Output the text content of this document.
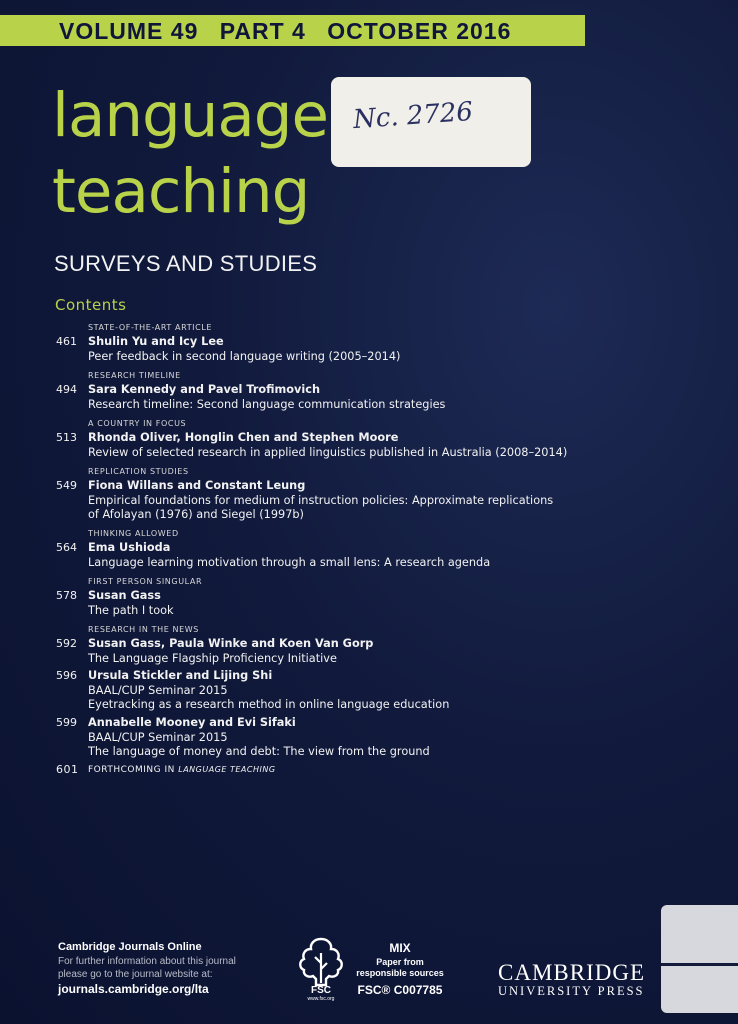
VOLUME 49 PART 4 OCTOBER 2016
language
teaching
Nc. 2726
SURVEYS AND STUDIES
Contents
STATE-OF-THE-ART ARTICLE
461 Shulin Yu and Icy Lee
Peer feedback in second language writing (2005–2014)
RESEARCH TIMELINE
494 Sara Kennedy and Pavel Trofimovich
Research timeline: Second language communication strategies
A COUNTRY IN FOCUS
513 Rhonda Oliver, Honglin Chen and Stephen Moore
Review of selected research in applied linguistics published in Australia (2008–2014)
REPLICATION STUDIES
549 Fiona Willans and Constant Leung
Empirical foundations for medium of instruction policies: Approximate replications
of Afolayan (1976) and Siegel (1997b)
THINKING ALLOWED
564 Ema Ushioda
Language learning motivation through a small lens: A research agenda
FIRST PERSON SINGULAR
578 Susan Gass
The path I took
RESEARCH IN THE NEWS
592 Susan Gass, Paula Winke and Koen Van Gorp
The Language Flagship Proficiency Initiative
596 Ursula Stickler and Lijing Shi
BAAL/CUP Seminar 2015
Eyetracking as a research method in online language education
599 Annabelle Mooney and Evi Sifaki
BAAL/CUP Seminar 2015
The language of money and debt: The view from the ground
601	FORTHCOMING IN LANGUAGE TEACHING
Cambridge Journals Online
For further information about this journal
please go to the journal website at:
journals.cambridge.org/lta	FSC
www.fsc.org
MIX
Paper from
responsible sources
FSC® C007785
CAMBRIDGE
UNIVERSITY PRESS
